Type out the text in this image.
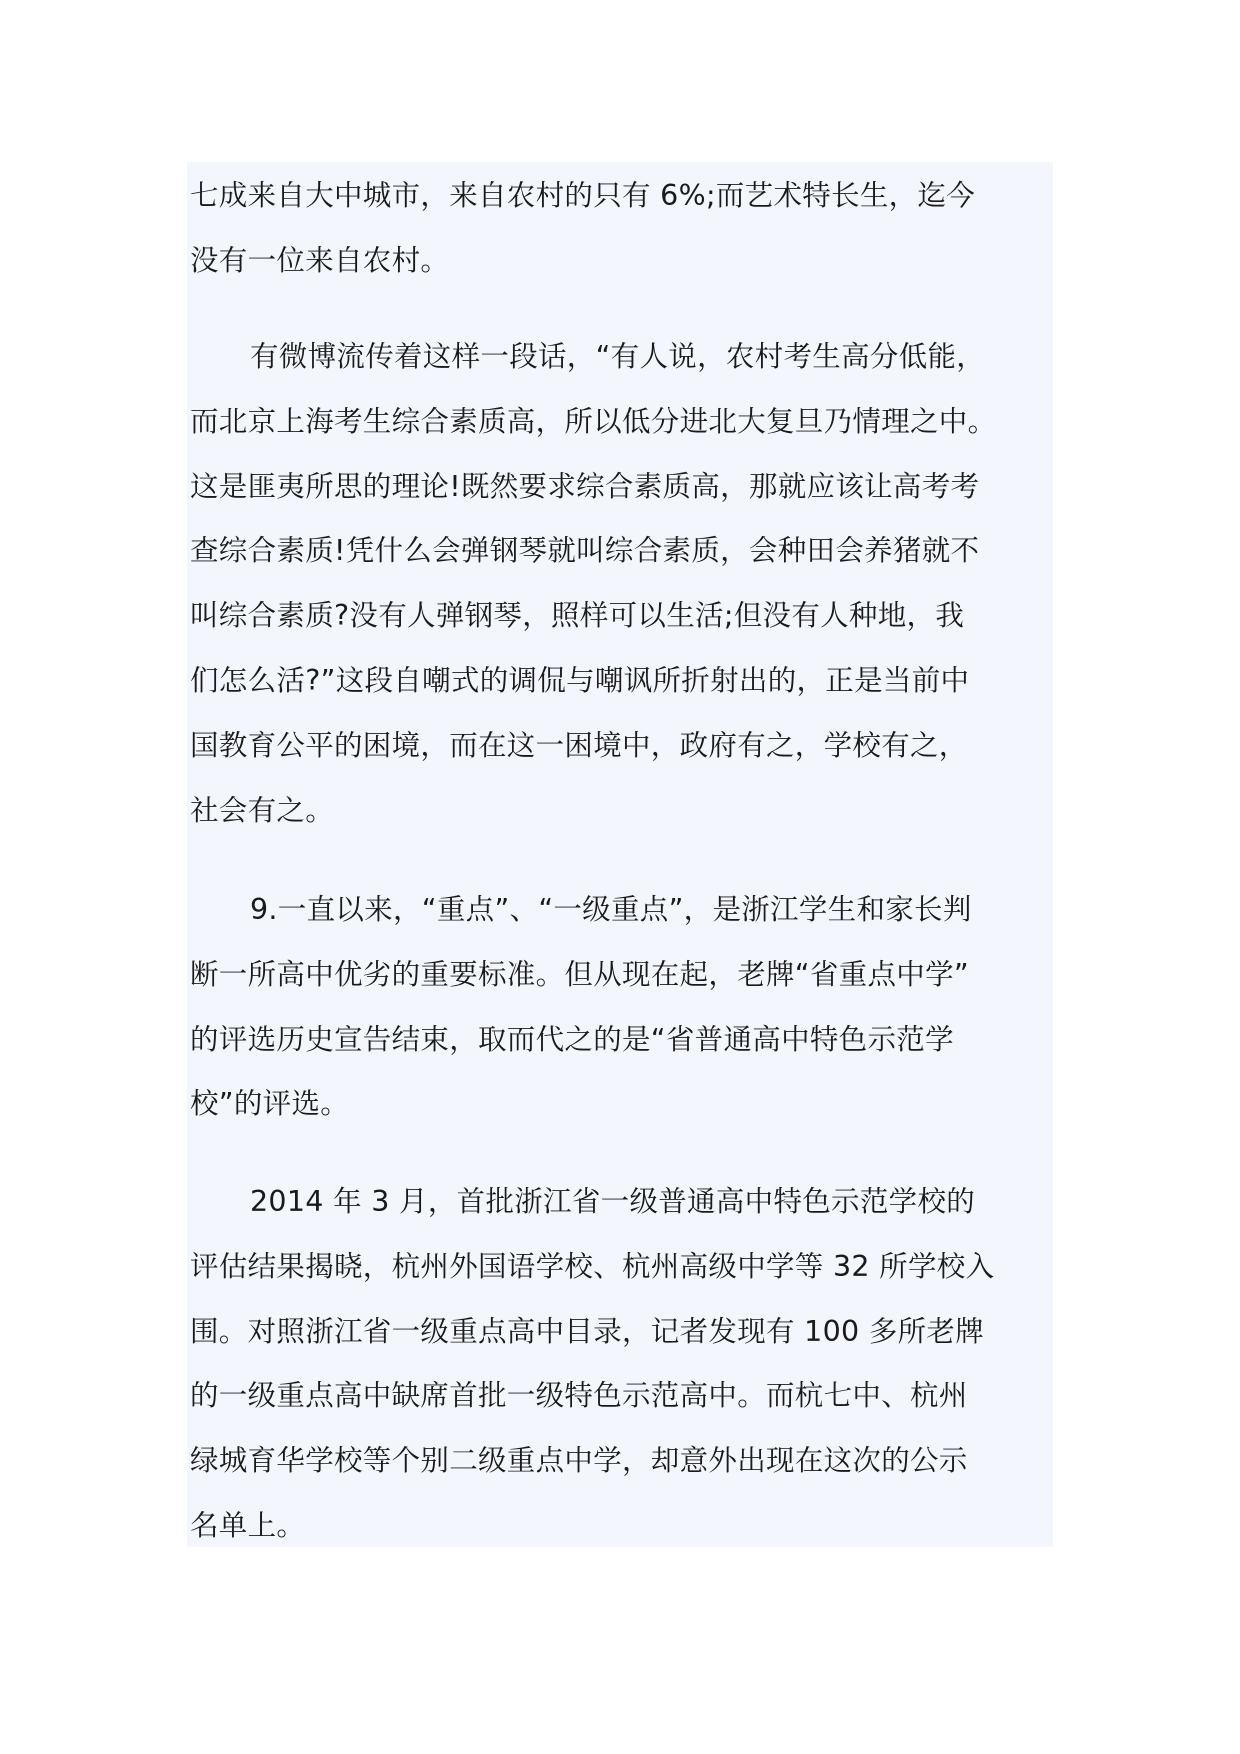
七成来自大中城市，来自农村的只有 6%;而艺术特长生，迄今
没有一位来自农村。

有微博流传着这样一段话，“有人说，农村考生高分低能，
而北京上海考生综合素质高，所以低分进北大复旦乃情理之中。
这是匪夷所思的理论!既然要求综合素质高，那就应该让高考考
查综合素质!凭什么会弹钢琴就叫综合素质，会种田会养猪就不
叫综合素质?没有人弹钢琴，照样可以生活;但没有人种地，我
们怎么活?”这段自嘲式的调侃与嘲讽所折射出的，正是当前中
国教育公平的困境，而在这一困境中，政府有之，学校有之，
社会有之。

9.一直以来，“重点”、“一级重点”，是浙江学生和家长判
断一所高中优劣的重要标准。但从现在起，老牌“省重点中学”
的评选历史宣告结束，取而代之的是“省普通高中特色示范学
校”的评选。

2014 年 3 月，首批浙江省一级普通高中特色示范学校的
评估结果揭晓，杭州外国语学校、杭州高级中学等 32 所学校入
围。对照浙江省一级重点高中目录，记者发现有 100 多所老牌
的一级重点高中缺席首批一级特色示范高中。而杭七中、杭州
绿城育华学校等个别二级重点中学，却意外出现在这次的公示
名单上。
